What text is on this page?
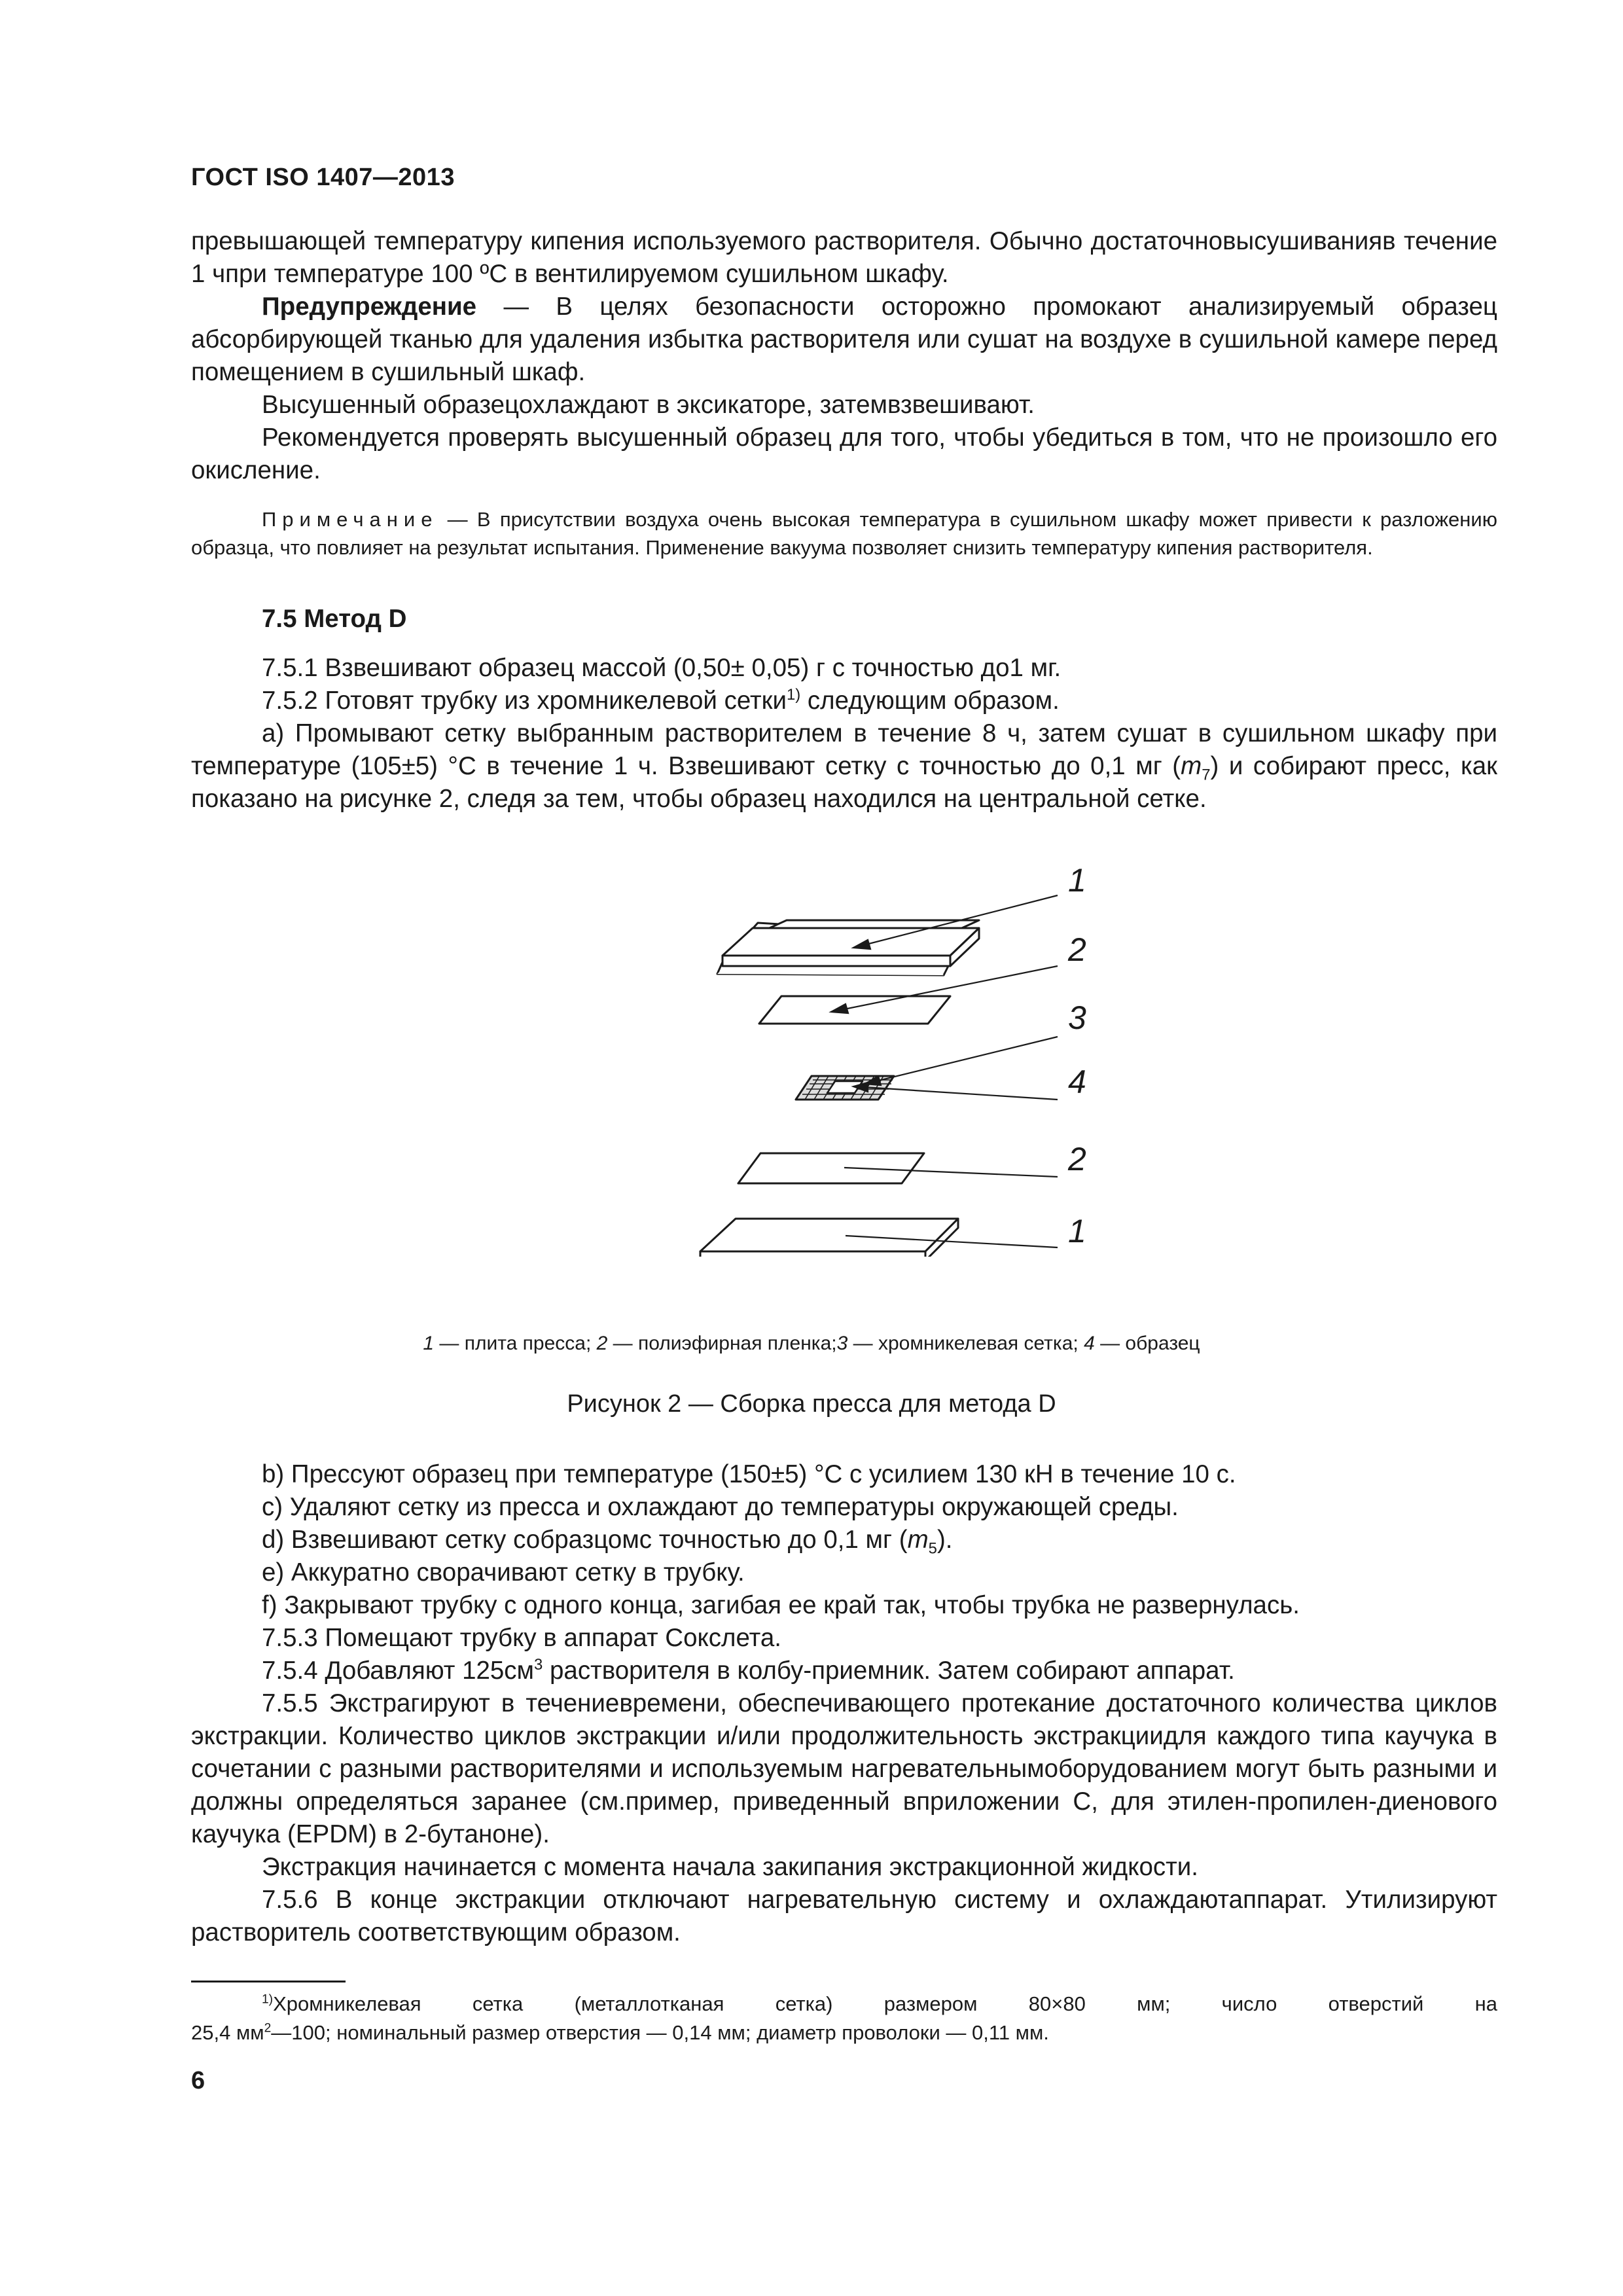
ГОСТ ISO 1407—2013

превышающей температуру кипения используемого растворителя. Обычно достаточновысушиванияв течение 1 чпри температуре 100 ºС в вентилируемом сушильном шкафу.

Предупреждение — В целях безопасности осторожно промокают анализируемый образец абсорбирующей тканью для удаления избытка растворителя или сушат на воздухе в сушильной камере перед помещением в сушильный шкаф.

Высушенный образецохлаждают в эксикаторе, затемвзвешивают.

Рекомендуется проверять высушенный образец для того, чтобы убедиться в том, что не произошло его окисление.

Примечание — В присутствии воздуха очень высокая температура в сушильном шкафу может привести к разложению образца, что повлияет на результат испытания. Применение вакуума позволяет снизить температуру кипения растворителя.

7.5 Метод D

7.5.1 Взвешивают образец массой (0,50± 0,05) г с точностью до1 мг.

7.5.2 Готовят трубку из хромникелевой сетки$^{1)}$ следующим образом.

a) Промывают сетку выбранным растворителем в течение 8 ч, затем сушат в сушильном шкафу при температуре (105±5) °С в течение 1 ч. Взвешивают сетку с точностью до 0,1 мг $(m_7)$ и собирают пресс, как показано на рисунке 2, следя за тем, чтобы образец находился на центральной сетке.

1
2
3
4
2
1
1 — плита пресса; 2 — полиэфирная пленка;3 — хромникелевая сетка; 4 — образец
Рисунок 2 — Сборка пресса для метода D

b) Прессуют образец при температуре (150±5) °С с усилием 130 кН в течение 10 с.

c) Удаляют сетку из пресса и охлаждают до температуры окружающей среды.

d) Взвешивают сетку собразцомс точностью до 0,1 мг $(m_5)$.

e) Аккуратно сворачивают сетку в трубку.

f) Закрывают трубку с одного конца, загибая ее край так, чтобы трубка не развернулась.

7.5.3 Помещают трубку в аппарат Сокслета.

7.5.4 Добавляют $125см^3$ растворителя в колбу-приемник. Затем собирают аппарат.

7.5.5 Экстрагируют в течениевремени, обеспечивающего протекание достаточного количества циклов экстракции. Количество циклов экстракции и/или продолжительность экстракциидля каждого типа каучука в сочетании с разными растворителями и используемым нагревательнымоборудованием могут быть разными и должны определяться заранее (см.пример, приведенный вприложении С, для этилен-пропилен-диенового каучука (EPDM) в 2-бутаноне).

Экстракция начинается с момента начала закипания экстракционной жидкости.

7.5.6 В конце экстракции отключают нагревательную систему и охлаждаютаппарат. Утилизируют растворитель соответствующим образом.

$^{1)}$Хромникелевая сетка (металлотканая сетка) размером 80×80 мм; число отверстий на

25,4 $мм^2—100$; номинальный размер отверстия — 0,14 мм; диаметр проволоки — 0,11 мм.

6
